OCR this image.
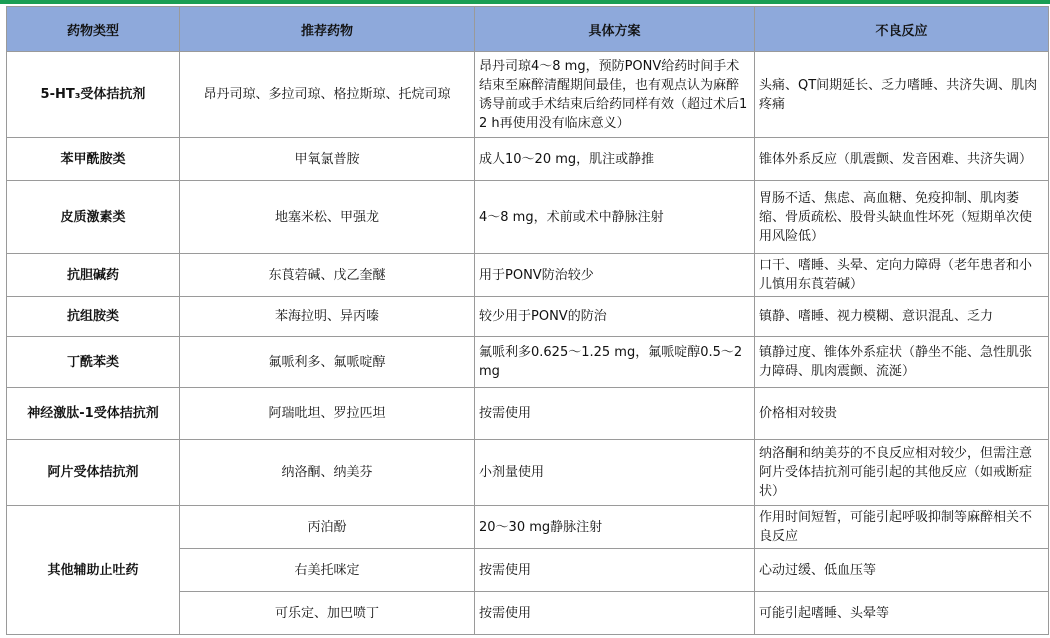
药物类型	推荐药物	具体方案	不良反应
5-HT₃受体拮抗剂	昂丹司琼、多拉司琼、格拉斯琼、托烷司琼	昂丹司琼4～8 mg，预防PONV给药时间手术结束至麻醉清醒期间最佳，也有观点认为麻醉诱导前或手术结束后给药同样有效（超过术后12 h再使用没有临床意义）	头痛、QT间期延长、乏力嗜睡、共济失调、肌肉疼痛
苯甲酰胺类	甲氧氯普胺	成人10～20 mg，肌注或静推	锥体外系反应（肌震颤、发音困难、共济失调）
皮质激素类	地塞米松、甲强龙	4～8 mg，术前或术中静脉注射	胃肠不适、焦虑、高血糖、免疫抑制、肌肉萎缩、骨质疏松、股骨头缺血性坏死（短期单次使用风险低）
抗胆碱药	东莨菪碱、戊乙奎醚	用于PONV防治较少	口干、嗜睡、头晕、定向力障碍（老年患者和小儿慎用东莨菪碱）
抗组胺类	苯海拉明、异丙嗪	较少用于PONV的防治	镇静、嗜睡、视力模糊、意识混乱、乏力
丁酰苯类	氟哌利多、氟哌啶醇	氟哌利多0.625～1.25 mg，氟哌啶醇0.5～2 mg	镇静过度、锥体外系症状（静坐不能、急性肌张力障碍、肌肉震颤、流涎）
神经激肽-1受体拮抗剂	阿瑞吡坦、罗拉匹坦	按需使用	价格相对较贵
阿片受体拮抗剂	纳洛酮、纳美芬	小剂量使用	纳洛酮和纳美芬的不良反应相对较少，但需注意阿片受体拮抗剂可能引起的其他反应（如戒断症状）
其他辅助止吐药	丙泊酚	20～30 mg静脉注射	作用时间短暂，可能引起呼吸抑制等麻醉相关不良反应
	右美托咪定	按需使用	心动过缓、低血压等
	可乐定、加巴喷丁	按需使用	可能引起嗜睡、头晕等
